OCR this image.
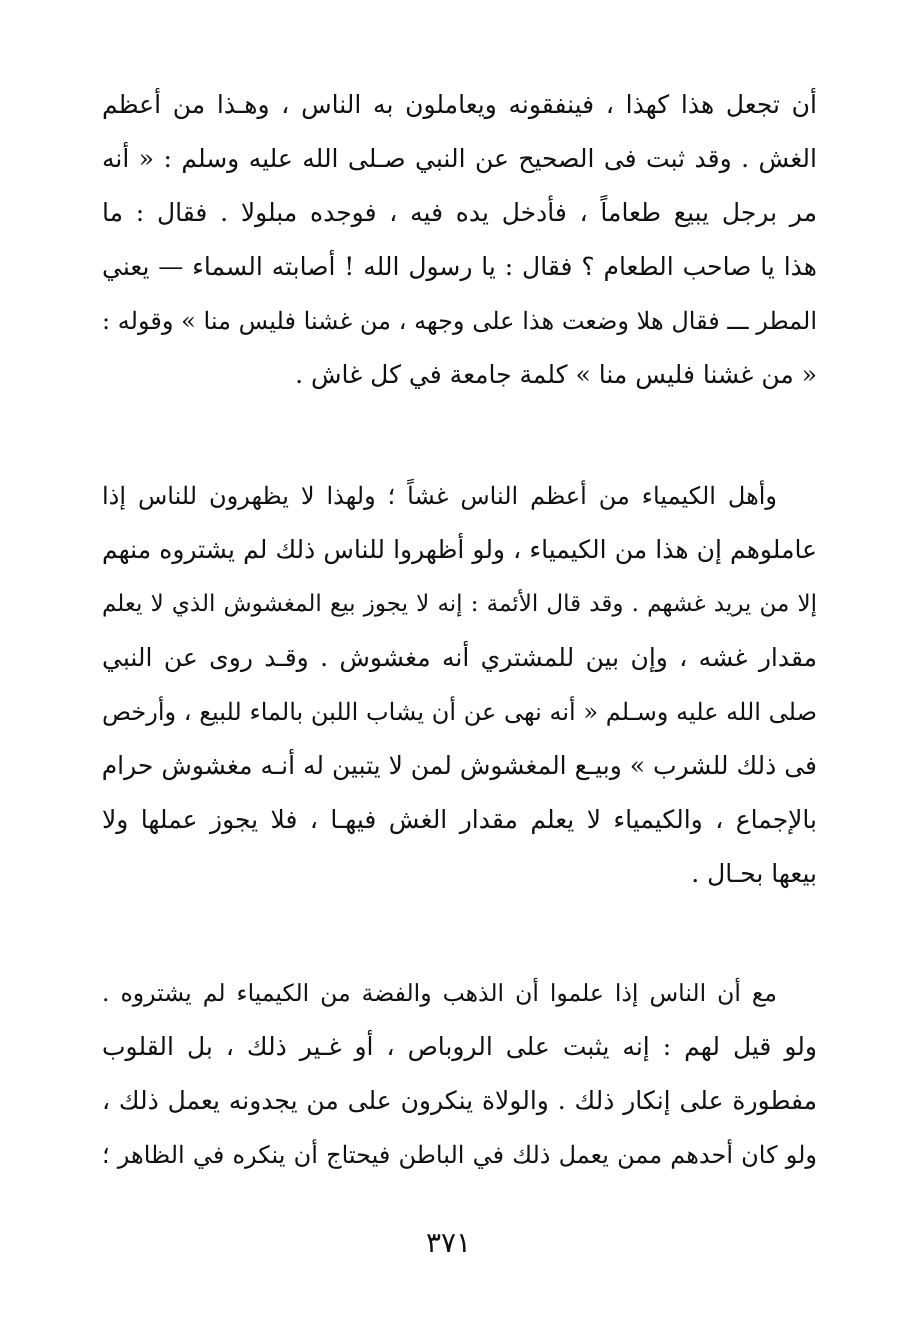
أن تجعل هذا كهذا ، فينفقونه ويعاملون به الناس ، وهـذا من أعظم
الغش . وقد ثبت فى الصحيح عن النبي صـلى الله عليه وسلم : « أنه
مر برجل يبيع طعاماً ، فأدخل يده فيه ، فوجده مبلولا . فقال : ما
هذا يا صاحب الطعام ؟ فقال : يا رسول الله ! أصابته السماء — يعني
المطر ـــ فقال هلا وضعت هذا على وجهه ، من غشنا فليس منا » وقوله :
« من غشنا فليس منا » كلمة جامعة في كل غاش .
وأهل الكيمياء من أعظم الناس غشاً ؛ ولهذا لا يظهرون للناس إذا
عاملوهم إن هذا من الكيمياء ، ولو أظهروا للناس ذلك لم يشتروه منهم
إلا من يريد غشهم . وقد قال الأئمة : إنه لا يجوز بيع المغشوش الذي لا يعلم
مقدار غشه ، وإن بين للمشتري أنه مغشوش . وقـد روى عن النبي
صلى الله عليه وسـلم « أنه نهى عن أن يشاب اللبن بالماء للبيع ، وأرخص
فى ذلك للشرب » وبيـع المغشوش لمن لا يتبين له أنـه مغشوش حرام
بالإجماع ، والكيمياء لا يعلم مقدار الغش فيهـا ، فلا يجوز عملها ولا
بيعها بحـال .
مع أن الناس إذا علموا أن الذهب والفضة من الكيمياء لم يشتروه .
ولو قيل لهم : إنه يثبت على الروباص ، أو غـير ذلك ، بل القلوب
مفطورة على إنكار ذلك . والولاة ينكرون على من يجدونه يعمل ذلك ،
ولو كان أحدهم ممن يعمل ذلك في الباطن فيحتاج أن ينكره في الظاهر ؛
٣٧١
